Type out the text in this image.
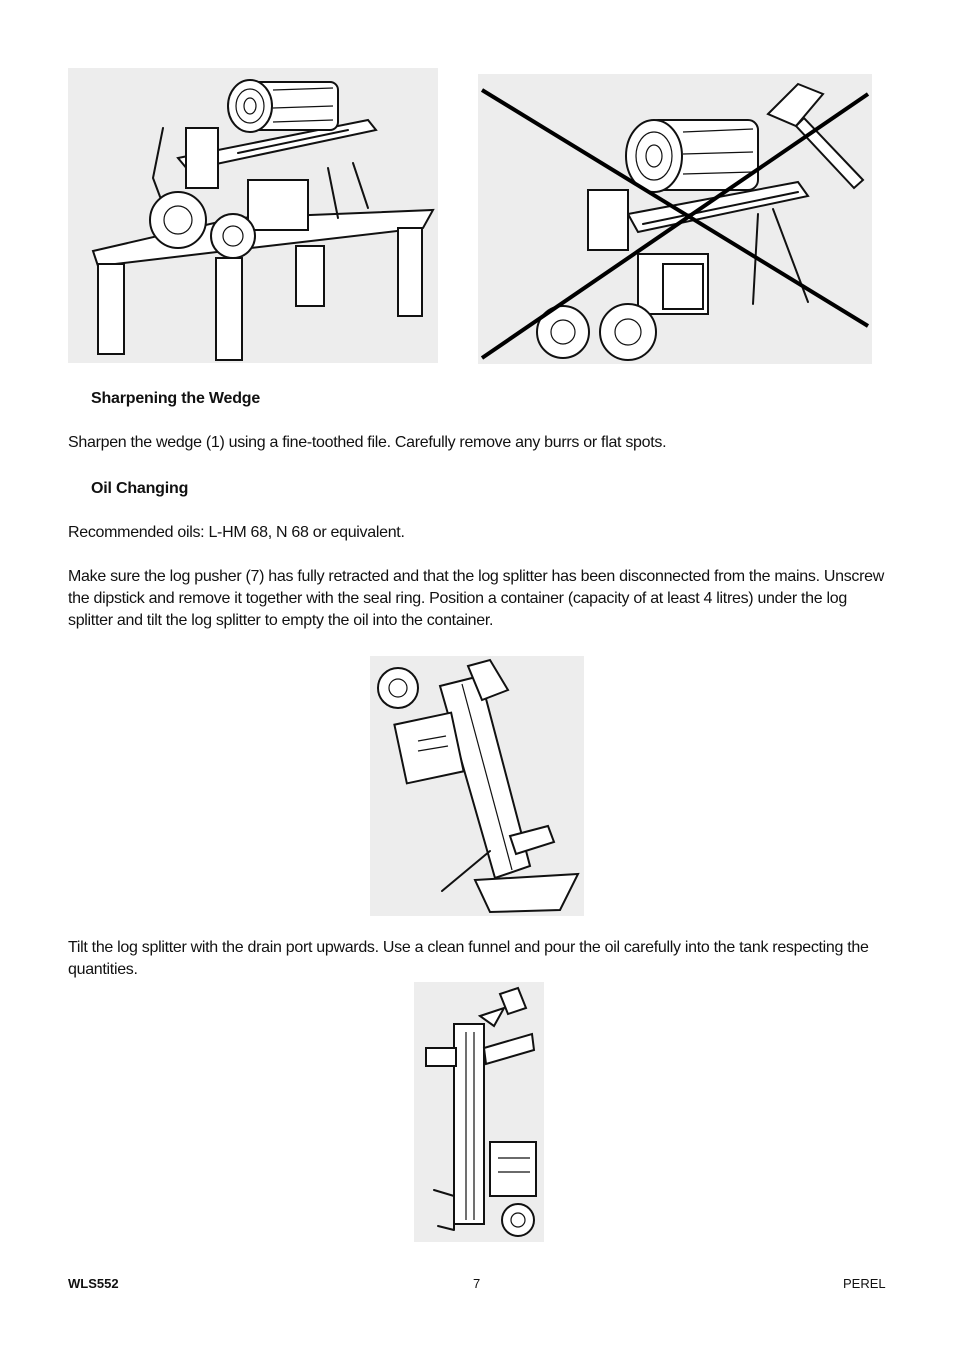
Sharpening the Wedge
Sharpen the wedge (1) using a fine-toothed file. Carefully remove any burrs or flat spots.
Oil Changing
Recommended oils: L-HM 68, N 68 or equivalent.
Make sure the log pusher (7) has fully retracted and that the log splitter has been disconnected from the mains. Unscrew the dipstick and remove it together with the seal ring. Position a container (capacity of at least 4 litres) under the log splitter and tilt the log splitter to empty the oil into the container.
Tilt the log splitter with the drain port upwards. Use a clean funnel and pour the oil carefully into the tank respecting the quantities.
WLS552	7	PEREL
